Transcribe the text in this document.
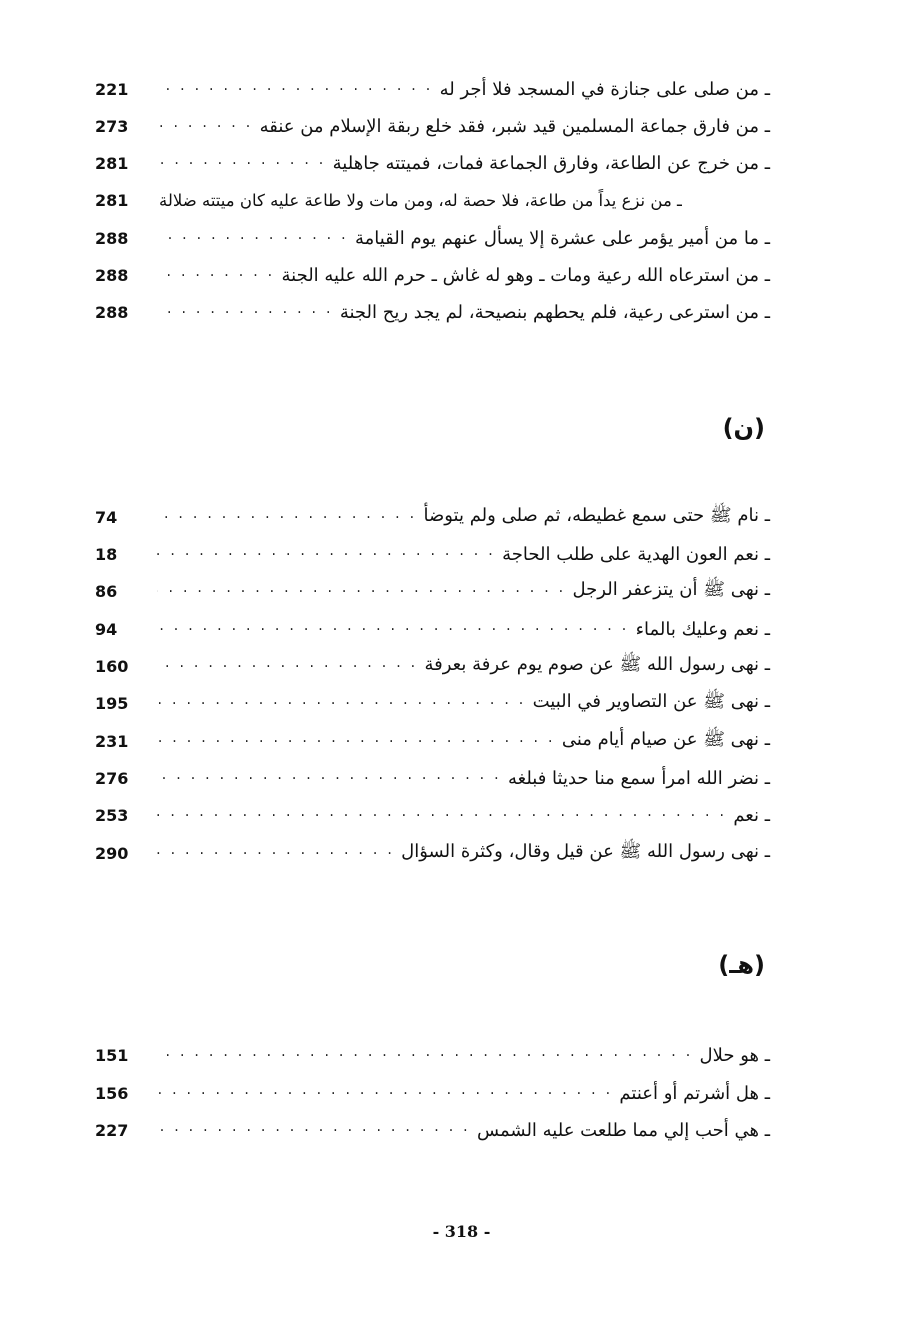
221 . . .	ـ من صلى على جنازة في المسجد فلا أجر له
273 . . .	ـ من فارق جماعة المسلمين قيد شبر، فقد خلع ربقة الإسلام من عنقه
281 . . .	ـ من خرج عن الطاعة، وفارق الجماعة فمات، فميتته جاهلية
281	ـ من نزع يداً من طاعة، فلا حصة له، ومن مات ولا طاعة عليه كان ميتته ضلالة
288 . . .	ـ ما من أمير يؤمر على عشرة إلا يسأل عنهم يوم القيامة
288 . . .	ـ من استرعاه الله رعية ومات ـ وهو له غاش ـ حرم الله عليه الجنة
288 . . .	ـ من استرعى رعية، فلم يحطهم بنصيحة، لم يجد ريح الجنة
(ن)
74 . . .	ـ نام ﷺ حتى سمع غطيطه، ثم صلى ولم يتوضأ
18 . . .	ـ نعم العون الهدية على طلب الحاجة
86 . . .	ـ نهى ﷺ أن يتزعفر الرجل
94 . . .	ـ نعم وعليك بالماء
160 . . .	ـ نهى رسول الله ﷺ عن صوم يوم عرفة بعرفة
195 . . .	ـ نهى ﷺ عن التصاوير في البيت
231 . . .	ـ نهى ﷺ عن صيام أيام منى
276 . . .	ـ نضر الله امرأ سمع منا حديثا فبلغه
253 . . .	ـ نعم
290 . . .	ـ نهى رسول الله ﷺ عن قيل وقال، وكثرة السؤال
(هـ)
151 . . .	ـ هو حلال
156 . . .	ـ هل أشرتم أو أعنتم
227 . . .	ـ هي أحب إلي مما طلعت عليه الشمس
- 318 -
